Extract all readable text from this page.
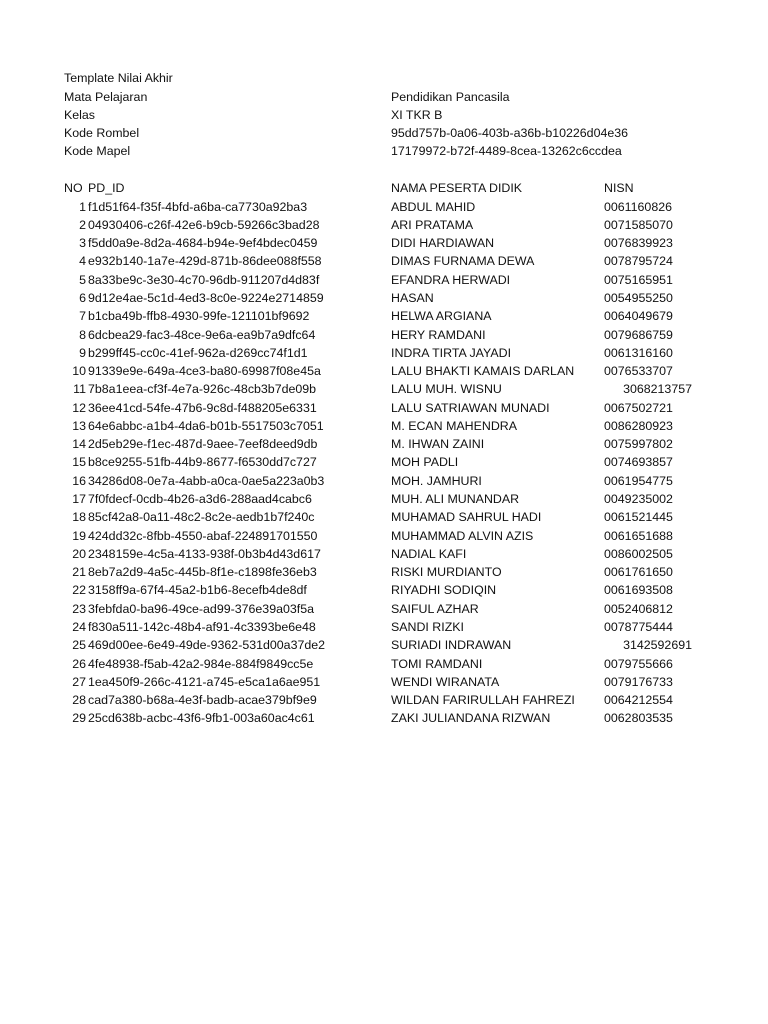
Template Nilai Akhir
Mata Pelajaran	Pendidikan Pancasila
Kelas	XI TKR B
Kode Rombel	95dd757b-0a06-403b-a36b-b10226d04e36
Kode Mapel	17179972-b72f-4489-8cea-13262c6ccdea
NO PD_ID	NAMA PESERTA DIDIK	NISN
1 f1d51f64-f35f-4bfd-a6ba-ca7730a92ba3	ABDUL MAHID	0061160826
2 04930406-c26f-42e6-b9cb-59266c3bad28	ARI PRATAMA	0071585070
3 f5dd0a9e-8d2a-4684-b94e-9ef4bdec0459	DIDI HARDIAWAN	0076839923
4 e932b140-1a7e-429d-871b-86dee088f558	DIMAS FURNAMA DEWA	0078795724
5 8a33be9c-3e30-4c70-96db-911207d4d83f	EFANDRA HERWADI	0075165951
6 9d12e4ae-5c1d-4ed3-8c0e-9224e2714859	HASAN	0054955250
7 b1cba49b-ffb8-4930-99fe-121101bf9692	HELWA ARGIANA	0064049679
8 6dcbea29-fac3-48ce-9e6a-ea9b7a9dfc64	HERY RAMDANI	0079686759
9 b299ff45-cc0c-41ef-962a-d269cc74f1d1	INDRA TIRTA JAYADI	0061316160
10 91339e9e-649a-4ce3-ba80-69987f08e45a	LALU BHAKTI KAMAIS DARLAN 0076533707
11 7b8a1eea-cf3f-4e7a-926c-48cb3b7de09b	LALU MUH. WISNU	3068213757
12 36ee41cd-54fe-47b6-9c8d-f488205e6331	LALU SATRIAWAN MUNADI	0067502721
13 64e6abbc-a1b4-4da6-b01b-5517503c7051	M. ECAN MAHENDRA	0086280923
14 2d5eb29e-f1ec-487d-9aee-7eef8deed9db	M. IHWAN ZAINI	0075997802
15 b8ce9255-51fb-44b9-8677-f6530dd7c727	MOH PADLI	0074693857
16 34286d08-0e7a-4abb-a0ca-0ae5a223a0b3	MOH. JAMHURI	0061954775
17 7f0fdecf-0cdb-4b26-a3d6-288aad4cabc6	MUH. ALI MUNANDAR	0049235002
18 85cf42a8-0a11-48c2-8c2e-aedb1b7f240c	MUHAMAD SAHRUL HADI	0061521445
19 424dd32c-8fbb-4550-abaf-224891701550	MUHAMMAD ALVIN AZIS	0061651688
20 2348159e-4c5a-4133-938f-0b3b4d43d617	NADIAL KAFI	0086002505
21 8eb7a2d9-4a5c-445b-8f1e-c1898fe36eb3	RISKI MURDIANTO	0061761650
22 3158ff9a-67f4-45a2-b1b6-8ecefb4de8df	RIYADHI SODIQIN	0061693508
23 3febfda0-ba96-49ce-ad99-376e39a03f5a	SAIFUL AZHAR	0052406812
24 f830a511-142c-48b4-af91-4c3393be6e48	SANDI RIZKI	0078775444
25 469d00ee-6e49-49de-9362-531d00a37de2	SURIADI INDRAWAN	3142592691
26 4fe48938-f5ab-42a2-984e-884f9849cc5e	TOMI RAMDANI	0079755666
27 1ea450f9-266c-4121-a745-e5ca1a6ae951	WENDI WIRANATA	0079176733
28 cad7a380-b68a-4e3f-badb-acae379bf9e9	WILDAN FARIRULLAH FAHREZI 0064212554
29 25cd638b-acbc-43f6-9fb1-003a60ac4c61	ZAKI JULIANDANA RIZWAN	0062803535
